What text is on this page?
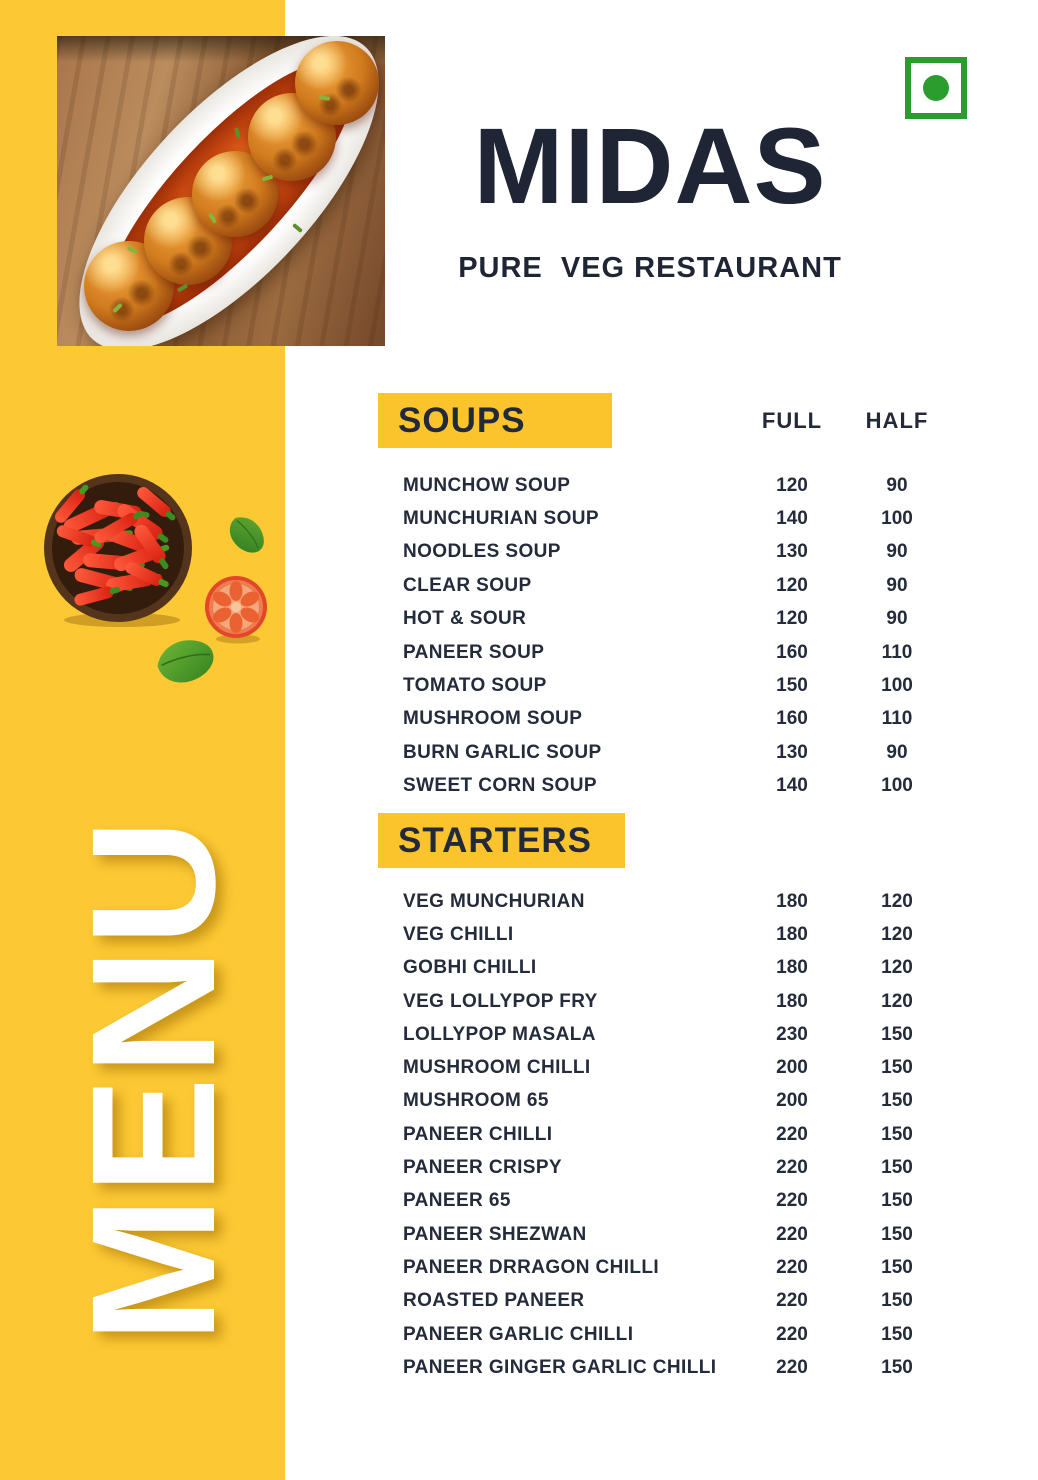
MENU
MIDAS
PURE  VEG RESTAURANT
SOUPS	FULL	HALF
MUNCHOW SOUP	120	90
MUNCHURIAN SOUP	140	100
NOODLES SOUP	130	90
CLEAR SOUP	120	90
HOT & SOUR	120	90
PANEER SOUP	160	110
TOMATO SOUP	150	100
MUSHROOM SOUP	160	110
BURN GARLIC SOUP	130	90
SWEET CORN SOUP	140	100
STARTERS
VEG MUNCHURIAN	180	120
VEG CHILLI	180	120
GOBHI CHILLI	180	120
VEG LOLLYPOP FRY	180	120
LOLLYPOP MASALA	230	150
MUSHROOM CHILLI	200	150
MUSHROOM 65	200	150
PANEER CHILLI	220	150
PANEER CRISPY	220	150
PANEER 65	220	150
PANEER SHEZWAN	220	150
PANEER DRRAGON CHILLI	220	150
ROASTED PANEER	220	150
PANEER GARLIC CHILLI	220	150
PANEER GINGER GARLIC CHILLI	220	150
